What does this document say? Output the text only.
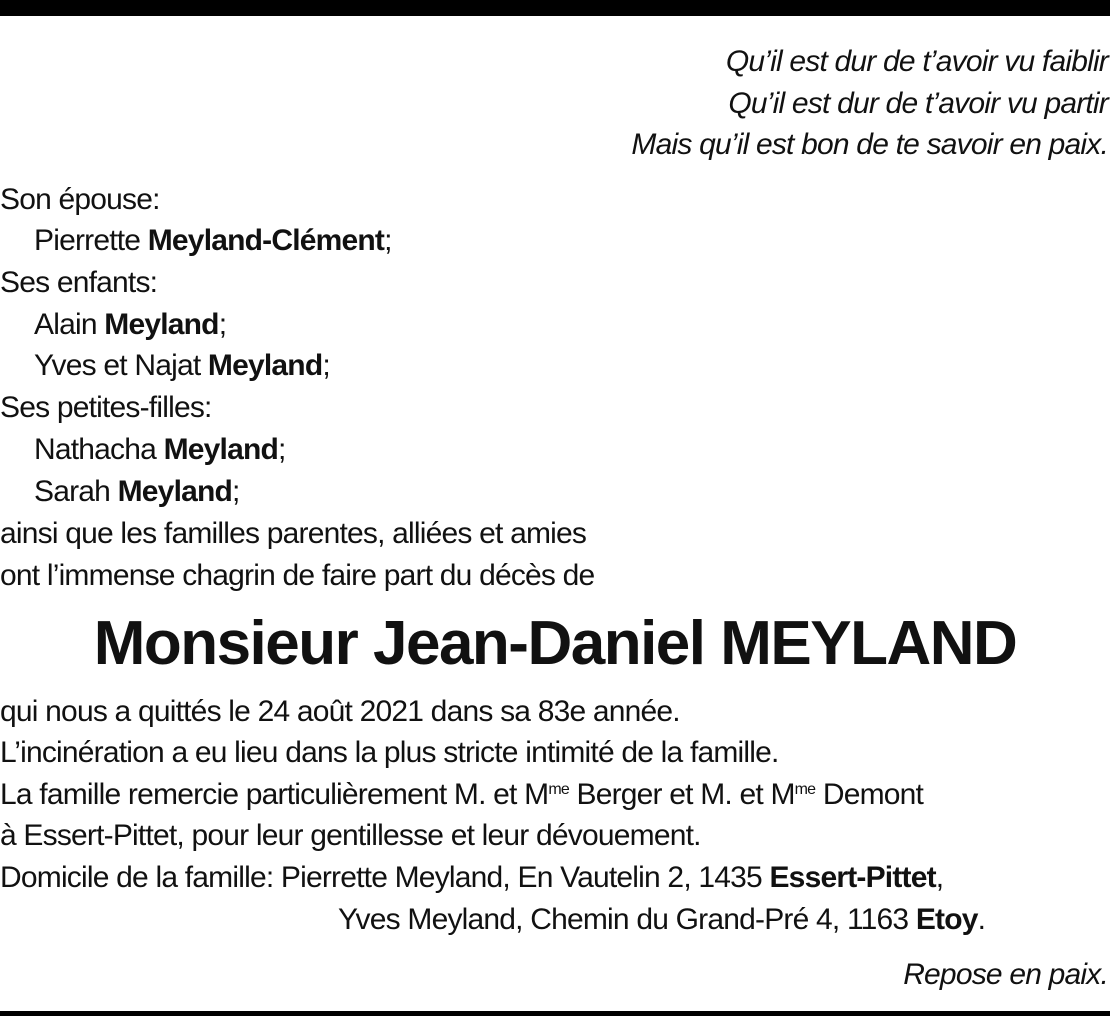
Qu’il est dur de t’avoir vu faiblir
Qu’il est dur de t’avoir vu partir
Mais qu’il est bon de te savoir en paix.
Son épouse:
Pierrette Meyland-Clément;
Ses enfants:
Alain Meyland;
Yves et Najat Meyland;
Ses petites-filles:
Nathacha Meyland;
Sarah Meyland;
ainsi que les familles parentes, alliées et amies
ont l’immense chagrin de faire part du décès de
Monsieur Jean-Daniel MEYLAND
qui nous a quittés le 24 août 2021 dans sa 83e année.
L’incinération a eu lieu dans la plus stricte intimité de la famille.
La famille remercie particulièrement M. et $M^{me}$ Berger et M. et $M^{me}$ Demont
à Essert-Pittet, pour leur gentillesse et leur dévouement.
Domicile de la famille: Pierrette Meyland, En Vautelin 2, 1435 Essert-Pittet,
Yves Meyland, Chemin du Grand-Pré 4, 1163 Etoy.
Repose en paix.
